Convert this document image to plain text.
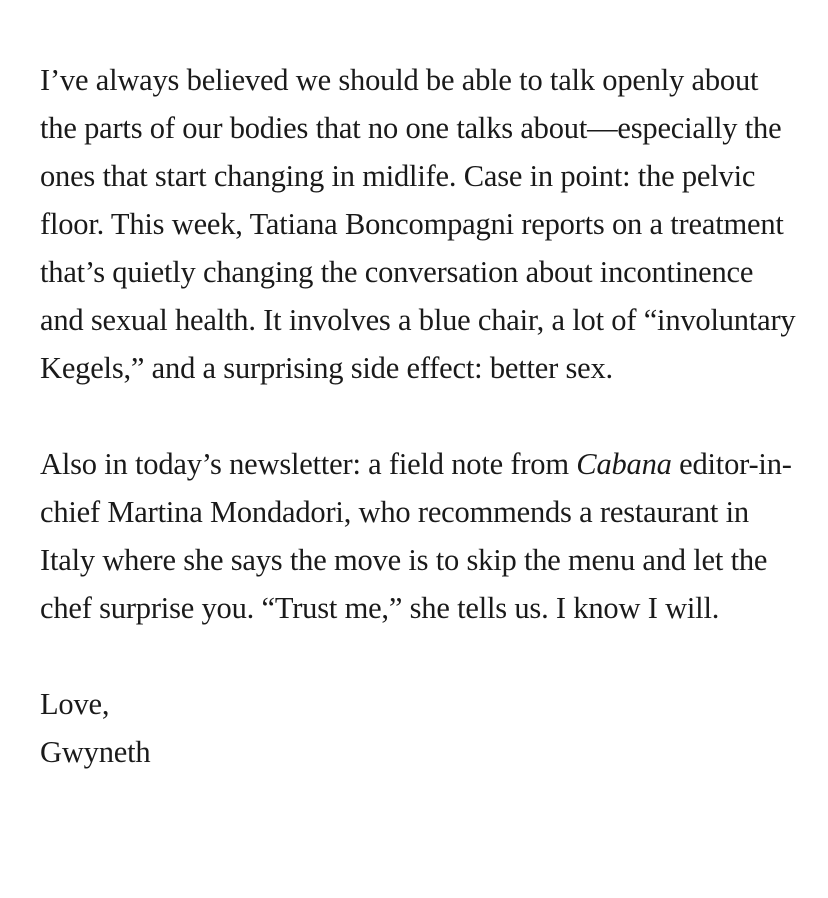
I’ve always believed we should be able to talk openly about the parts of our bodies that no one talks about—especially the ones that start changing in midlife. Case in point: the pelvic floor. This week, Tatiana Boncompagni reports on a treatment that’s quietly changing the conversation about incontinence and sexual health. It involves a blue chair, a lot of “involuntary Kegels,” and a surprising side effect: better sex.

Also in today’s newsletter: a field note from Cabana editor-in-chief Martina Mondadori, who recommends a restaurant in Italy where she says the move is to skip the menu and let the chef surprise you. “Trust me,” she tells us. I know I will.

Love,

Gwyneth
